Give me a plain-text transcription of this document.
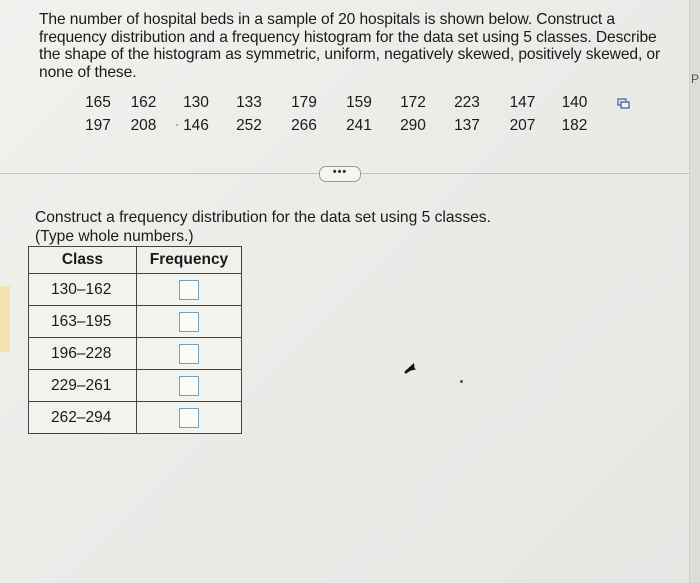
P
The number of hospital beds in a sample of 20 hospitals is shown below. Construct a frequency distribution and a frequency histogram for the data set using 5 classes. Describe the shape of the histogram as symmetric, uniform, negatively skewed, positively skewed, or none of these.
165	162	130	133	179	159	172	223	147	140
197	208	146	252	266	241	290	137	207	182
•••
Construct a frequency distribution for the data set using 5 classes.
(Type whole numbers.)
Class	Frequency
130–162	
163–195	
196–228	
229–261	
262–294	
